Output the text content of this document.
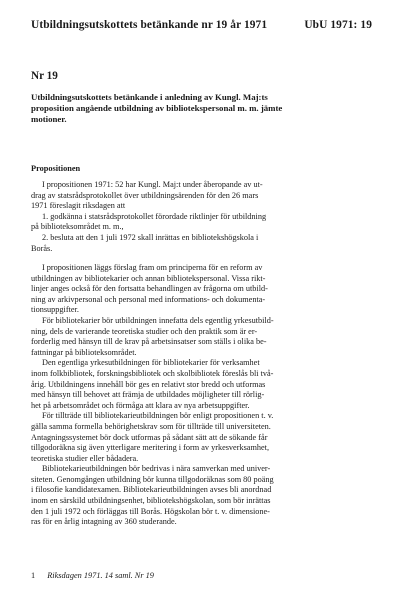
Utbildningsutskottets betänkande nr 19 år 1971	UbU 1971: 19
Nr 19
Utbildningsutskottets betänkande i anledning av Kungl. Maj:ts
proposition angående utbildning av bibliotekspersonal m. m. jämte
motioner.
Propositionen
I propositionen 1971: 52 har Kungl. Maj:t under åberopande av ut-
drag av statsrådsprotokollet över utbildningsärenden för den 26 mars
1971 föreslagit riksdagen att
1. godkänna i statsrådsprotokollet förordade riktlinjer för utbildning
på biblioteksområdet m. m.,
2. besluta att den 1 juli 1972 skall inrättas en bibliotekshögskola i
Borås.
I propositionen läggs förslag fram om principerna för en reform av
utbildningen av bibliotekarier och annan bibliotekspersonal. Vissa rikt-
linjer anges också för den fortsatta behandlingen av frågorna om utbild-
ning av arkivpersonal och personal med informations- och dokumenta-
tionsuppgifter.
För bibliotekarier bör utbildningen innefatta dels egentlig yrkesutbild-
ning, dels de varierande teoretiska studier och den praktik som är er-
forderlig med hänsyn till de krav på arbetsinsatser som ställs i olika be-
fattningar på biblioteksområdet.
Den egentliga yrkesutbildningen för bibliotekarier för verksamhet
inom folkbibliotek, forskningsbibliotek och skolbibliotek föreslås bli två-
årig. Utbildningens innehåll bör ges en relativt stor bredd och utformas
med hänsyn till behovet att främja de utbildades möjligheter till rörlig-
het på arbetsområdet och förmåga att klara av nya arbetsuppgifter.
För tillträde till bibliotekarieutbildningen bör enligt propositionen t. v.
gälla samma formella behörighetskrav som för tillträde till universiteten.
Antagningssystemet bör dock utformas på sådant sätt att de sökande får
tillgodoräkna sig även ytterligare meritering i form av yrkesverksamhet,
teoretiska studier eller bådadera.
Bibliotekarieutbildningen bör bedrivas i nära samverkan med univer-
siteten. Genomgången utbildning bör kunna tillgodoräknas som 80 poäng
i filosofie kandidatexamen. Bibliotekarieutbildningen avses bli anordnad
inom en särskild utbildningsenhet, bibliotekshögskolan, som bör inrättas
den 1 juli 1972 och förläggas till Borås. Högskolan bör t. v. dimensione-
ras för en årlig intagning av 360 studerande.
1 Riksdagen 1971. 14 saml. Nr 19
